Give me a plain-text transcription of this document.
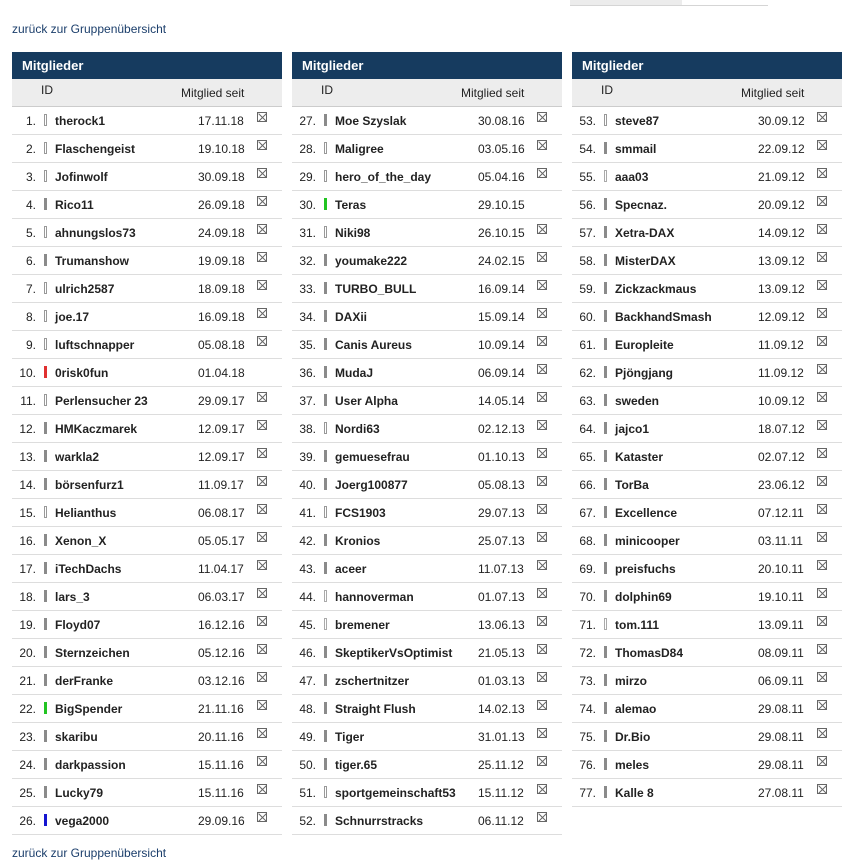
zurück zur Gruppenübersicht
Mitglieder
ID	Mitglied seit
1. therock1	17.11.18
2. Flaschengeist	19.10.18
3. Jofinwolf	30.09.18
4. Rico11	26.09.18
5. ahnungslos73	24.09.18
6. Trumanshow	19.09.18
7. ulrich2587	18.09.18
8. joe.17	16.09.18
9. luftschnapper	05.08.18
10. 0risk0fun	01.04.18
11. Perlensucher 23	29.09.17
12. HMKaczmarek	12.09.17
13. warkla2	12.09.17
14. börsenfurz1	11.09.17
15. Helianthus	06.08.17
16. Xenon_X	05.05.17
17. iTechDachs	11.04.17
18. lars_3	06.03.17
19. Floyd07	16.12.16
20. Sternzeichen	05.12.16
21. derFranke	03.12.16
22. BigSpender	21.11.16
23. skaribu	20.11.16
24. darkpassion	15.11.16
25. Lucky79	15.11.16
26. vega2000	29.09.16
Mitglieder
ID	Mitglied seit
27. Moe Szyslak	30.08.16
28. Maligree	03.05.16
29. hero_of_the_day	05.04.16
30. Teras	29.10.15
31. Niki98	26.10.15
32. youmake222	24.02.15
33. TURBO_BULL	16.09.14
34. DAXii	15.09.14
35. Canis Aureus	10.09.14
36. MudaJ	06.09.14
37. User Alpha	14.05.14
38. Nordi63	02.12.13
39. gemuesefrau	01.10.13
40. Joerg100877	05.08.13
41. FCS1903	29.07.13
42. Kronios	25.07.13
43. aceer	11.07.13
44. hannoverman	01.07.13
45. bremener	13.06.13
46. SkeptikerVsOptimist 21.05.13
47. zschertnitzer	01.03.13
48. Straight Flush	14.02.13
49. Tiger	31.01.13
50. tiger.65	25.11.12
51. sportgemeinschaft53 15.11.12
52. Schnurrstracks	06.11.12
Mitglieder
ID	Mitglied seit
53. steve87	30.09.12
54. smmail	22.09.12
55. aaa03	21.09.12
56. Specnaz.	20.09.12
57. Xetra-DAX	14.09.12
58. MisterDAX	13.09.12
59. Zickzackmaus	13.09.12
60. BackhandSmash	12.09.12
61. Europleite	11.09.12
62. Pjöngjang	11.09.12
63. sweden	10.09.12
64. jajco1	18.07.12
65. Kataster	02.07.12
66. TorBa	23.06.12
67. Excellence	07.12.11
68. minicooper	03.11.11
69. preisfuchs	20.10.11
70. dolphin69	19.10.11
71. tom.111	13.09.11
72. ThomasD84	08.09.11
73. mirzo	06.09.11
74. alemao	29.08.11
75. Dr.Bio	29.08.11
76. meles	29.08.11
77. Kalle 8	27.08.11
zurück zur Gruppenübersicht
